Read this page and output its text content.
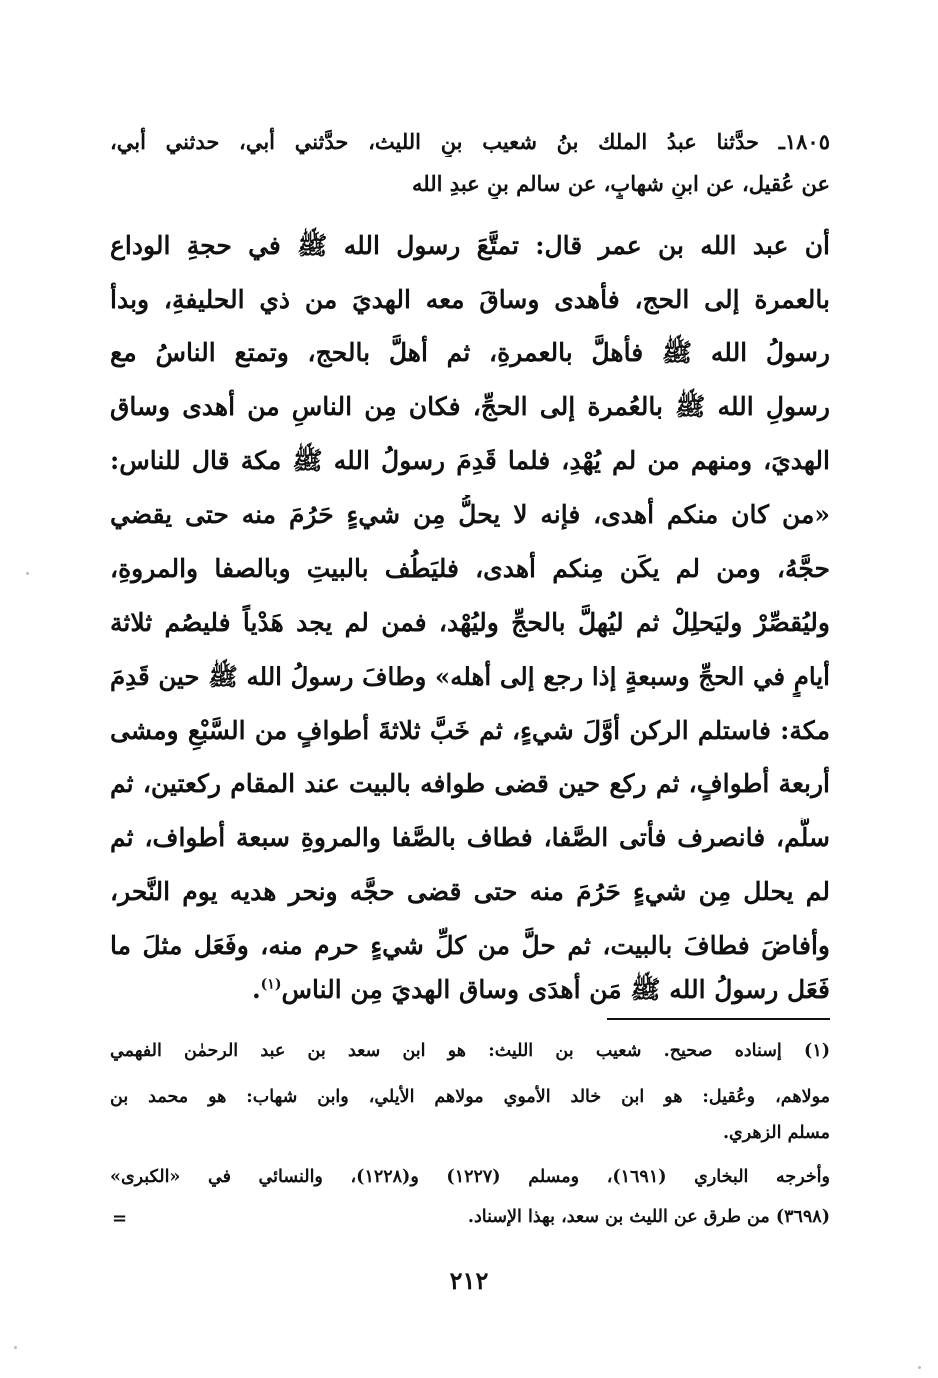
١٨٠٥ـ حدَّثنا عبدُ الملك بنُ شعيب بنِ الليث، حدَّثني أبي، حدثني أبي،
عن عُقيل، عن ابنِ شهابٍ، عن سالم بنِ عبدِ الله
أن عبد الله بن عمر قال: تمتَّعَ رسول الله ﷺ في حجةِ الوداع
بالعمرة إلى الحج، فأهدى وساقَ معه الهديَ من ذي الحليفةِ، وبدأ
رسولُ الله ﷺ فأهلَّ بالعمرةِ، ثم أهلَّ بالحج، وتمتع الناسُ مع
رسولِ الله ﷺ بالعُمرة إلى الحجِّ، فكان مِن الناسِ من أهدى وساق
الهديَ، ومنهم من لم يُهْدِ، فلما قَدِمَ رسولُ الله ﷺ مكة قال للناس:
«من كان منكم أهدى، فإنه لا يحلُّ مِن شيءٍ حَرُمَ منه حتى يقضي
حجَّهُ، ومن لم يكَن مِنكم أهدى، فليَطُف بالبيتِ وبالصفا والمروةِ،
وليُقصِّرْ وليَحلِلْ ثم ليُهلَّ بالحجِّ وليُهْد، فمن لم يجد هَدْياً فليصُم ثلاثة
أيامٍ في الحجِّ وسبعةٍ إذا رجع إلى أهله» وطافَ رسولُ الله ﷺ حين قَدِمَ
مكة: فاستلم الركن أوَّلَ شيءٍ، ثم خَبَّ ثلاثةَ أطوافٍ من السَّبْعِ ومشى
أربعة أطوافٍ، ثم ركع حين قضى طوافه بالبيت عند المقام ركعتين، ثم
سلَّم، فانصرف فأتى الصَّفا، فطاف بالصَّفا والمروةِ سبعة أطواف، ثم
لم يحلل مِن شيءٍ حَرُمَ منه حتى قضى حجَّه ونحر هديه يوم النَّحر،
وأفاضَ فطافَ بالبيت، ثم حلَّ من كلِّ شيءٍ حرم منه، وفَعَل مثلَ ما
فَعَل رسولُ الله ﷺ مَن أهدَى وساق الهديَ مِن الناس$^{(١)}$.
(١) إسناده صحيح. شعيب بن الليث: هو ابن سعد بن عبد الرحمٰن الفهمي
مولاهم، وعُقيل: هو ابن خالد الأموي مولاهم الأيلي، وابن شهاب: هو محمد بن
مسلم الزهري.
وأخرجه البخاري (١٦٩١)، ومسلم (١٢٢٧) و(١٢٢٨)، والنسائي في «الكبرى»
(٣٦٩٨) من طرق عن الليث بن سعد، بهذا الإسناد.
=
٢١٢
